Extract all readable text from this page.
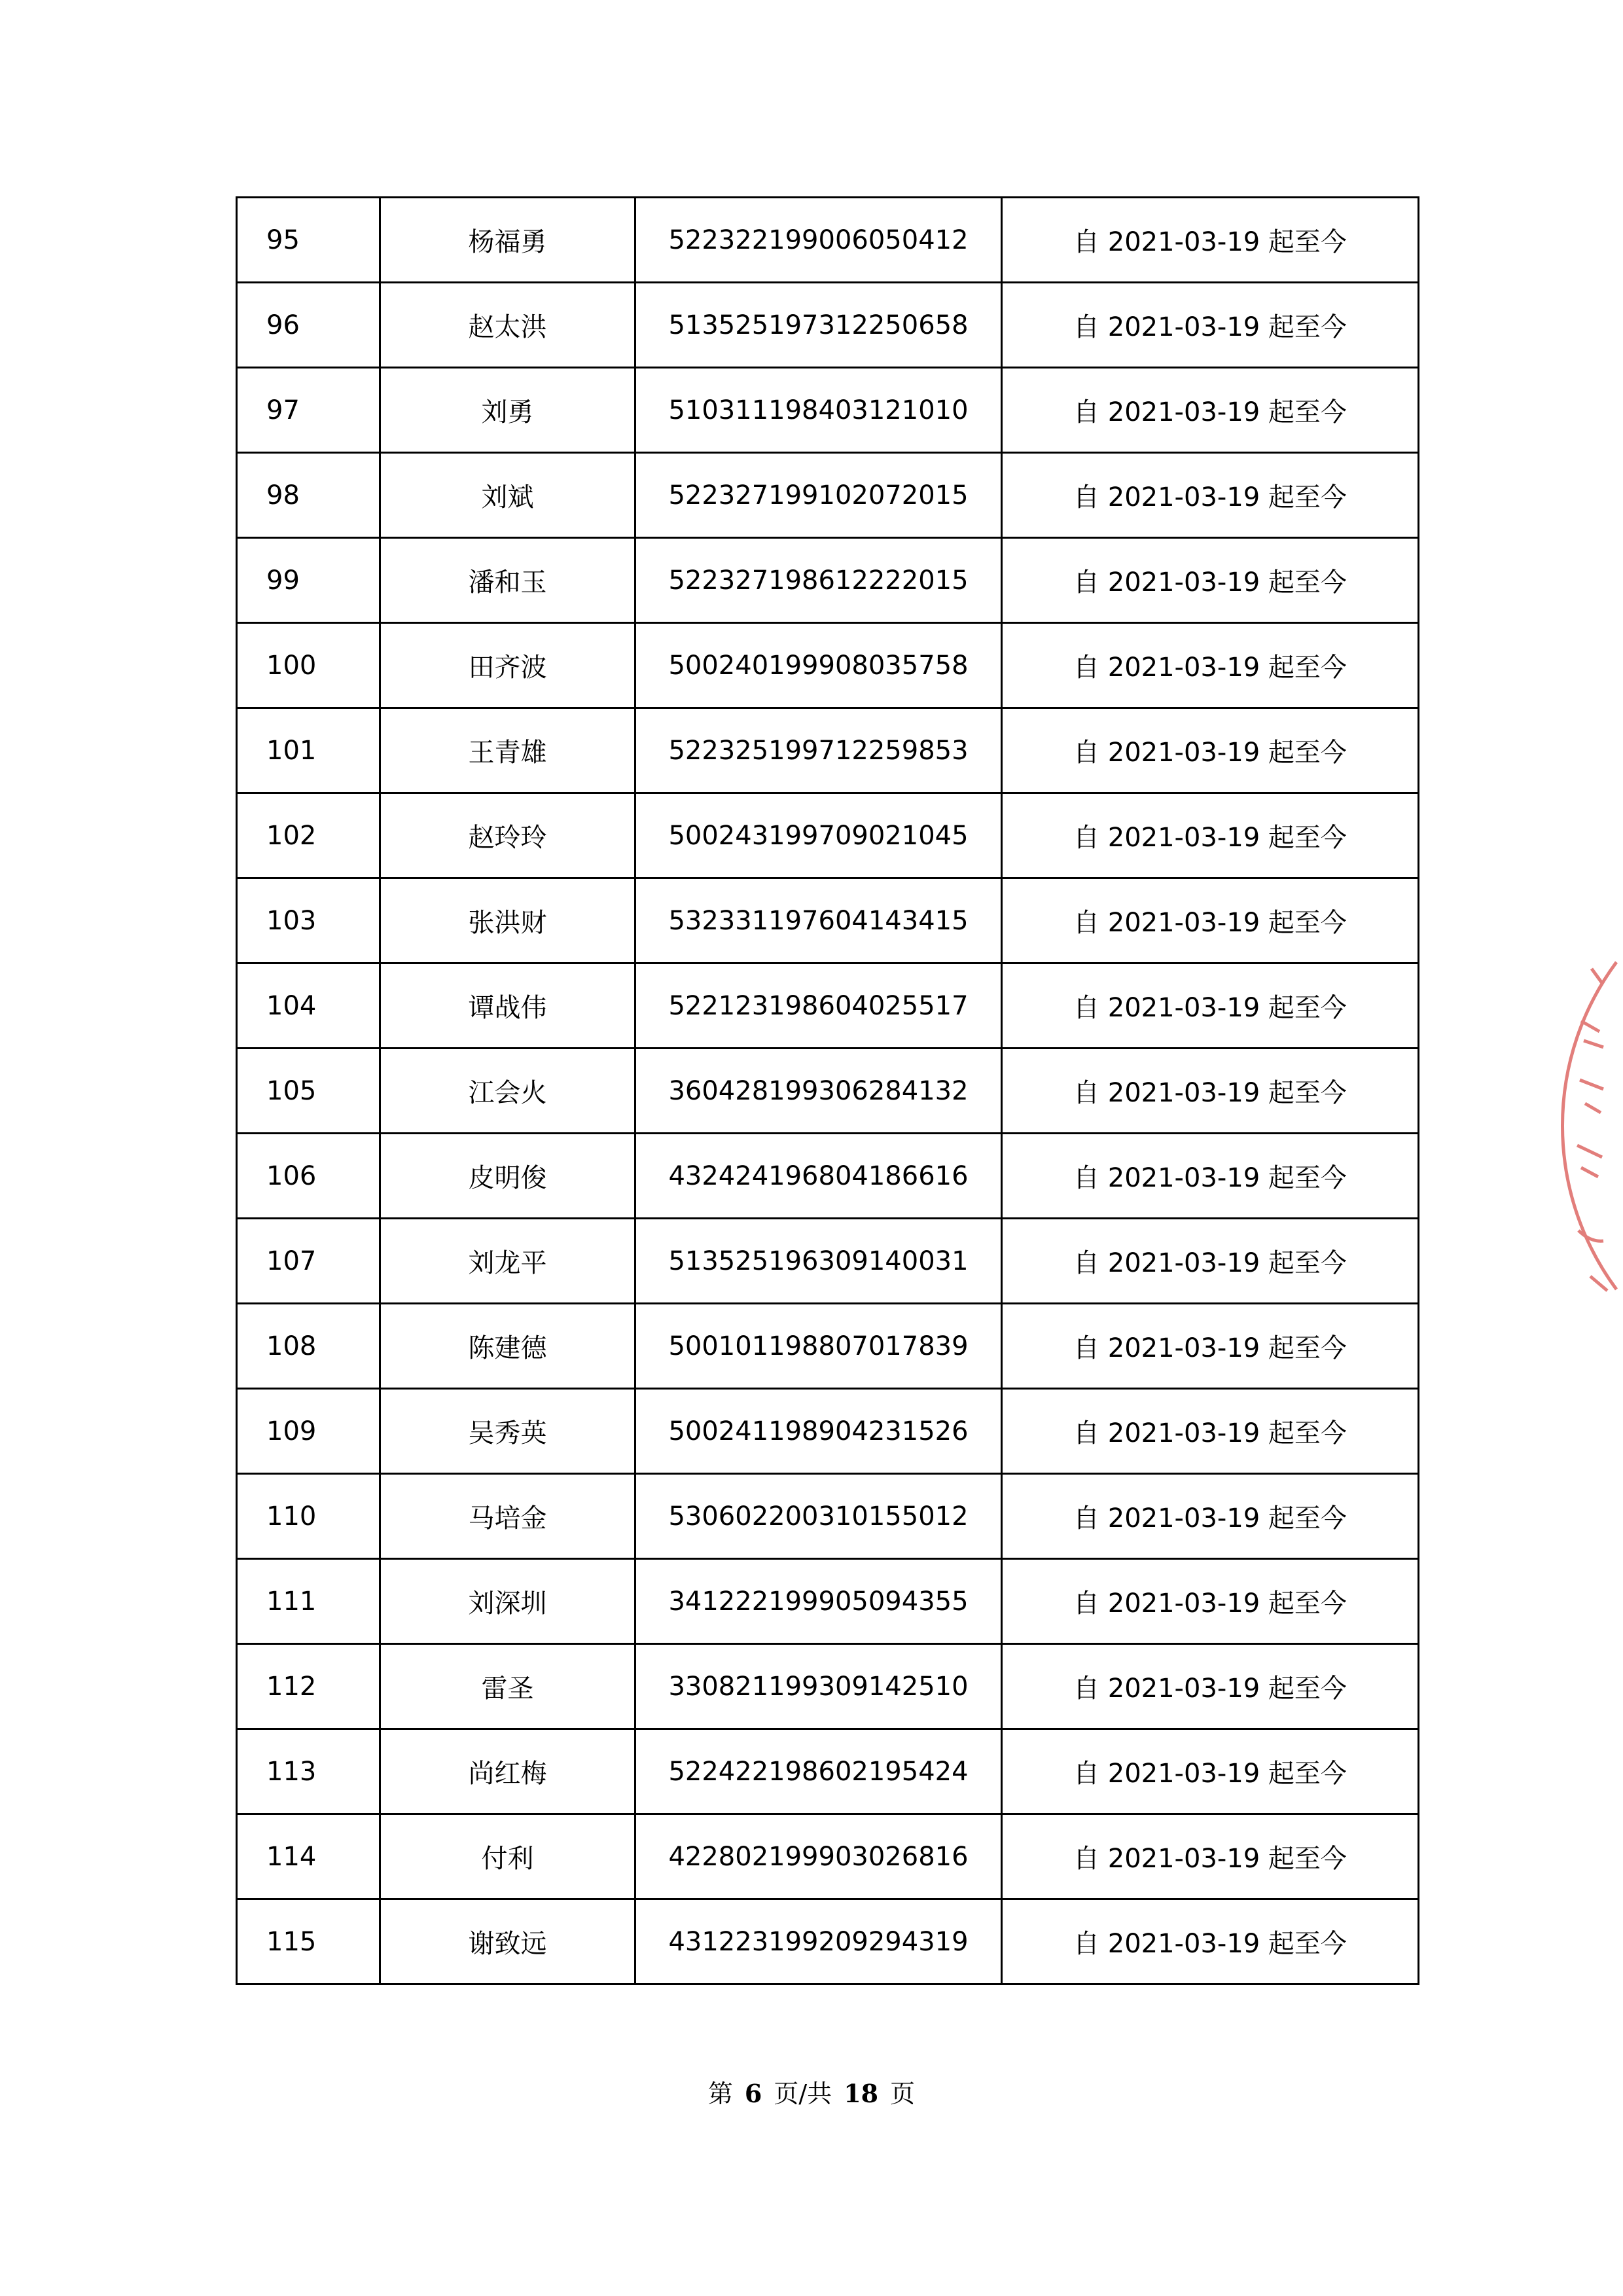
95	杨福勇	522322199006050412	自 2021-03-19 起至今
96	赵太洪	513525197312250658	自 2021-03-19 起至今
97	刘勇	510311198403121010	自 2021-03-19 起至今
98	刘斌	522327199102072015	自 2021-03-19 起至今
99	潘和玉	522327198612222015	自 2021-03-19 起至今
100	田齐波	500240199908035758	自 2021-03-19 起至今
101	王青雄	522325199712259853	自 2021-03-19 起至今
102	赵玲玲	500243199709021045	自 2021-03-19 起至今
103	张洪财	532331197604143415	自 2021-03-19 起至今
104	谭战伟	522123198604025517	自 2021-03-19 起至今
105	江会火	360428199306284132	自 2021-03-19 起至今
106	皮明俊	432424196804186616	自 2021-03-19 起至今
107	刘龙平	513525196309140031	自 2021-03-19 起至今
108	陈建德	500101198807017839	自 2021-03-19 起至今
109	吴秀英	500241198904231526	自 2021-03-19 起至今
110	马培金	530602200310155012	自 2021-03-19 起至今
111	刘深圳	341222199905094355	自 2021-03-19 起至今
112	雷圣	330821199309142510	自 2021-03-19 起至今
113	尚红梅	522422198602195424	自 2021-03-19 起至今
114	付利	422802199903026816	自 2021-03-19 起至今
115	谢致远	431223199209294319	自 2021-03-19 起至今
第 6 页/共 18 页
